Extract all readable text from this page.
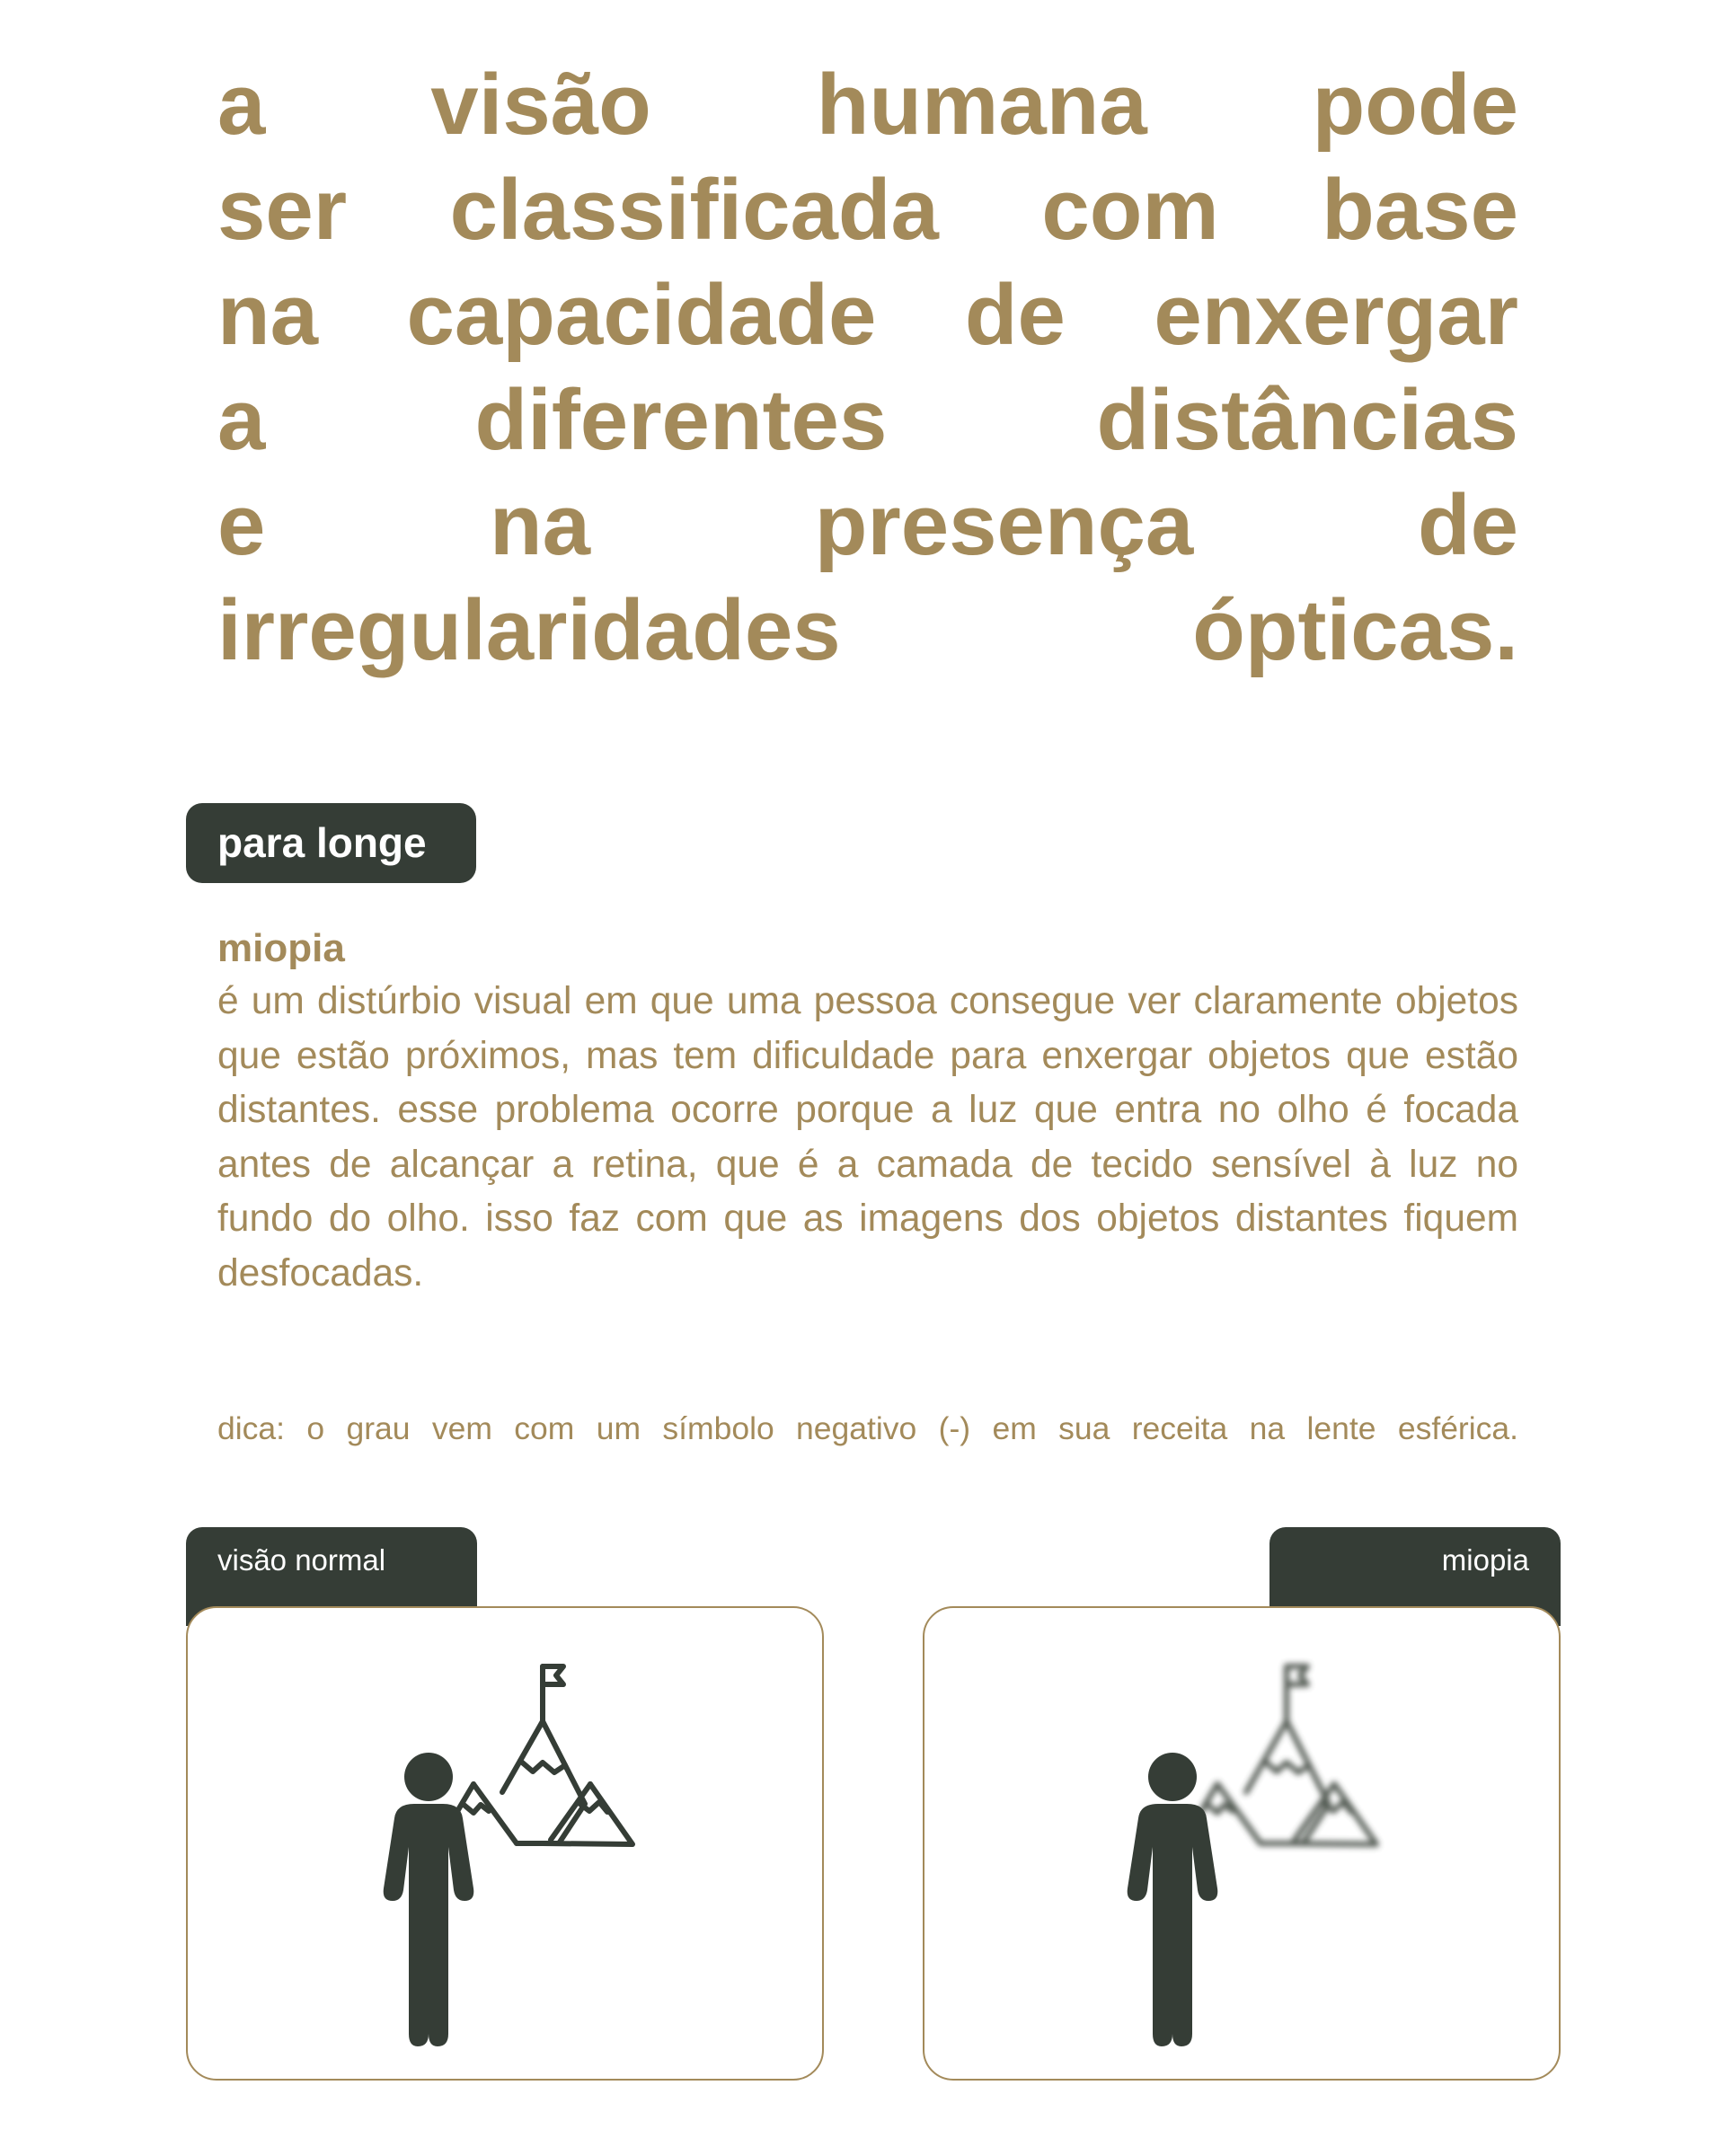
a visão humana pode
ser classificada com base
na capacidade de enxergar
a diferentes distâncias
e	na	presença	de
irregularidades	ópticas.
para longe
miopia

é um distúrbio visual em que uma pessoa consegue ver claramente objetos que estão próximos, mas tem dificuldade para enxergar objetos que estão distantes. esse problema ocorre porque a luz que entra no olho é focada antes de alcançar a retina, que é a camada de tecido sensível à luz no fundo do olho. isso faz com que as imagens dos objetos distantes fiquem desfocadas.

dica: o grau vem com um símbolo negativo (-) em sua receita na lente esférica.

visão normal	miopia
